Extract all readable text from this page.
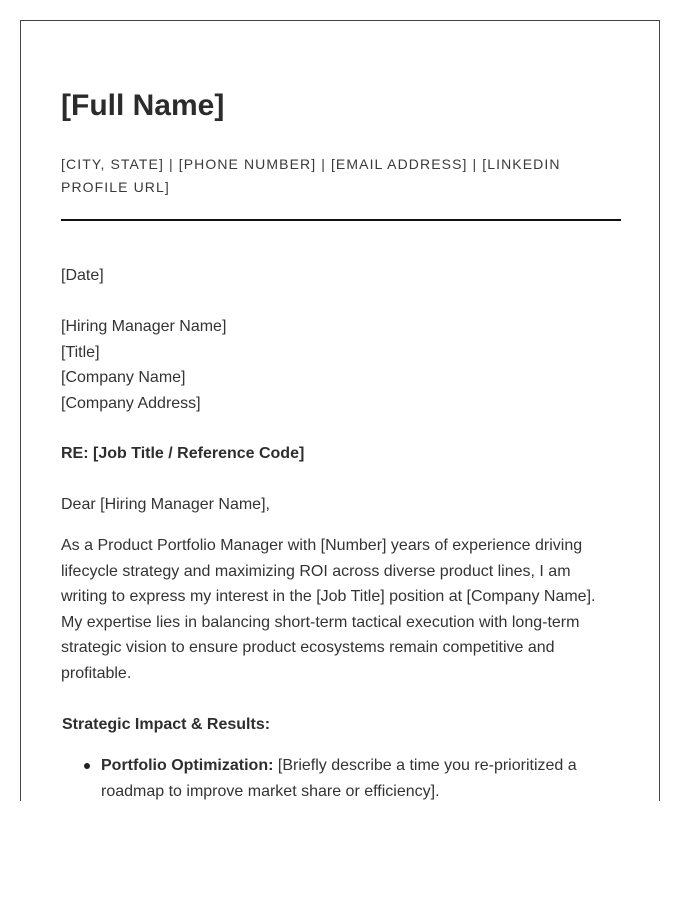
[Full Name]
[CITY, STATE] | [PHONE NUMBER] | [EMAIL ADDRESS] | [LINKEDIN PROFILE URL]
[Date]
[Hiring Manager Name]
[Title]
[Company Name]
[Company Address]
RE: [Job Title / Reference Code]
Dear [Hiring Manager Name],
As a Product Portfolio Manager with [Number] years of experience driving lifecycle strategy and maximizing ROI across diverse product lines, I am writing to express my interest in the [Job Title] position at [Company Name]. My expertise lies in balancing short-term tactical execution with long-term strategic vision to ensure product ecosystems remain competitive and profitable.
Strategic Impact & Results:
Portfolio Optimization: [Briefly describe a time you re-prioritized a roadmap to improve market share or efficiency].
